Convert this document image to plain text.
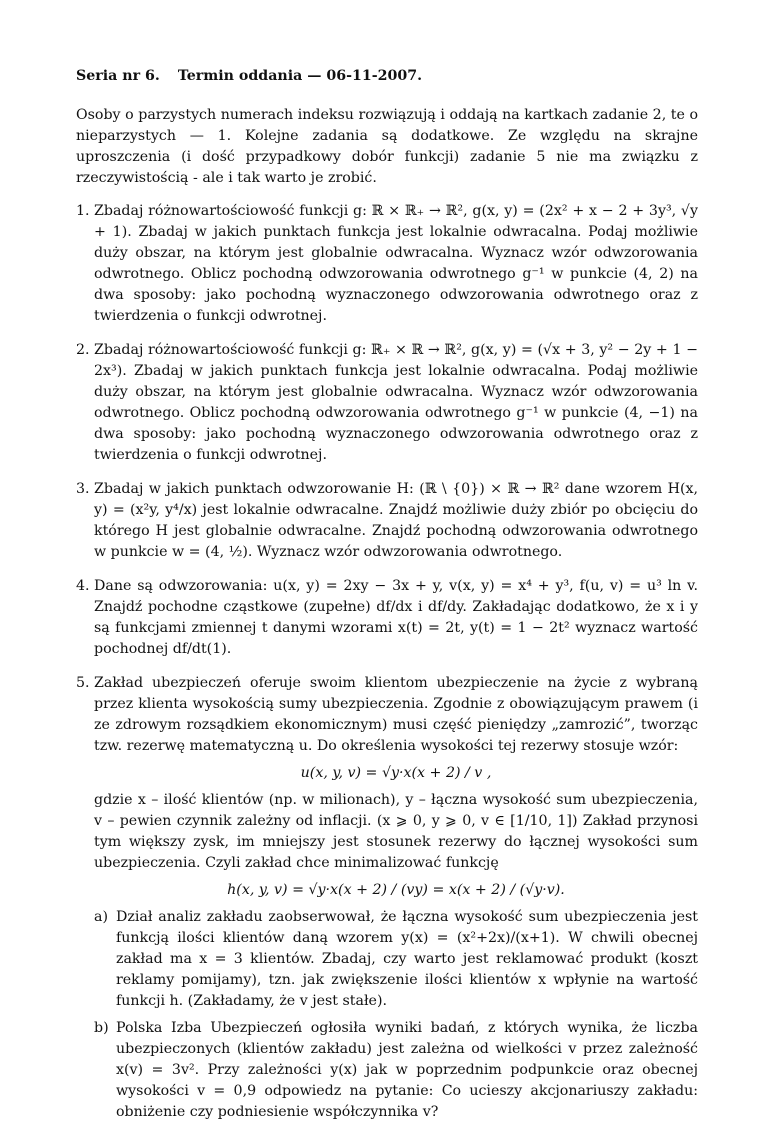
Seria nr 6. Termin oddania — 06-11-2007.
Osoby o parzystych numerach indeksu rozwiązują i oddają na kartkach zadanie 2, te o nieparzystych — 1. Kolejne zadania są dodatkowe. Ze względu na skrajne uproszczenia (i dość przypadkowy dobór funkcji) zadanie 5 nie ma związku z rzeczywistością - ale i tak warto je zrobić.
1. Zbadaj różnowartościowość funkcji g: ℝ × ℝ₊ → ℝ², g(x, y) = (2x² + x − 2 + 3y³, √y + 1). Zbadaj w jakich punktach funkcja jest lokalnie odwracalna. Podaj możliwie duży obszar, na którym jest globalnie odwracalna. Wyznacz wzór odwzorowania odwrotnego. Oblicz pochodną odwzorowania odwrotnego g⁻¹ w punkcie (4, 2) na dwa sposoby: jako pochodną wyznaczonego odwzorowania odwrotnego oraz z twierdzenia o funkcji odwrotnej.
2. Zbadaj różnowartościowość funkcji g: ℝ₊ × ℝ → ℝ², g(x, y) = (√x + 3, y² − 2y + 1 − 2x³). Zbadaj w jakich punktach funkcja jest lokalnie odwracalna. Podaj możliwie duży obszar, na którym jest globalnie odwracalna. Wyznacz wzór odwzorowania odwrotnego. Oblicz pochodną odwzorowania odwrotnego g⁻¹ w punkcie (4, −1) na dwa sposoby: jako pochodną wyznaczonego odwzorowania odwrotnego oraz z twierdzenia o funkcji odwrotnej.
3. Zbadaj w jakich punktach odwzorowanie H: (ℝ \ {0}) × ℝ → ℝ² dane wzorem H(x, y) = (x²y, y⁴/x) jest lokalnie odwracalne. Znajdź możliwie duży zbiór po obcięciu do którego H jest globalnie odwracalne. Znajdź pochodną odwzorowania odwrotnego w punkcie w = (4, ½). Wyznacz wzór odwzorowania odwrotnego.
4. Dane są odwzorowania: u(x, y) = 2xy − 3x + y, v(x, y) = x⁴ + y³, f(u, v) = u³ ln v. Znajdź pochodne cząstkowe (zupełne) df/dx i df/dy. Zakładając dodatkowo, że x i y są funkcjami zmiennej t danymi wzorami x(t) = 2t, y(t) = 1 − 2t² wyznacz wartość pochodnej df/dt(1).
5. Zakład ubezpieczeń oferuje swoim klientom ubezpieczenie na życie z wybraną przez klienta wysokością sumy ubezpieczenia. Zgodnie z obowiązującym prawem (i ze zdrowym rozsądkiem ekonomicznym) musi część pieniędzy „zamrozić”, tworząc tzw. rezerwę matematyczną u. Do określenia wysokości tej rezerwy stosuje wzór:
u(x, y, v) = √y·x(x + 2) / v ,
gdzie x – ilość klientów (np. w milionach), y – łączna wysokość sum ubezpieczenia, v – pewien czynnik zależny od inflacji. (x ⩾ 0, y ⩾ 0, v ∈ [1/10, 1]) Zakład przynosi tym większy zysk, im mniejszy jest stosunek rezerwy do łącznej wysokości sum ubezpieczenia. Czyli zakład chce minimalizować funkcję
h(x, y, v) = √y·x(x + 2) / (vy) = x(x + 2) / (√y·v).
a) Dział analiz zakładu zaobserwował, że łączna wysokość sum ubezpieczenia jest funkcją ilości klientów daną wzorem y(x) = (x²+2x)/(x+1). W chwili obecnej zakład ma x = 3 klientów. Zbadaj, czy warto jest reklamować produkt (koszt reklamy pomijamy), tzn. jak zwiększenie ilości klientów x wpłynie na wartość funkcji h. (Zakładamy, że v jest stałe).
b) Polska Izba Ubezpieczeń ogłosiła wyniki badań, z których wynika, że liczba ubezpieczonych (klientów zakładu) jest zależna od wielkości v przez zależność x(v) = 3v². Przy zależności y(x) jak w poprzednim podpunkcie oraz obecnej wysokości v = 0,9 odpowiedz na pytanie: Co ucieszy akcjonariuszy zakładu: obniżenie czy podniesienie współczynnika v?
